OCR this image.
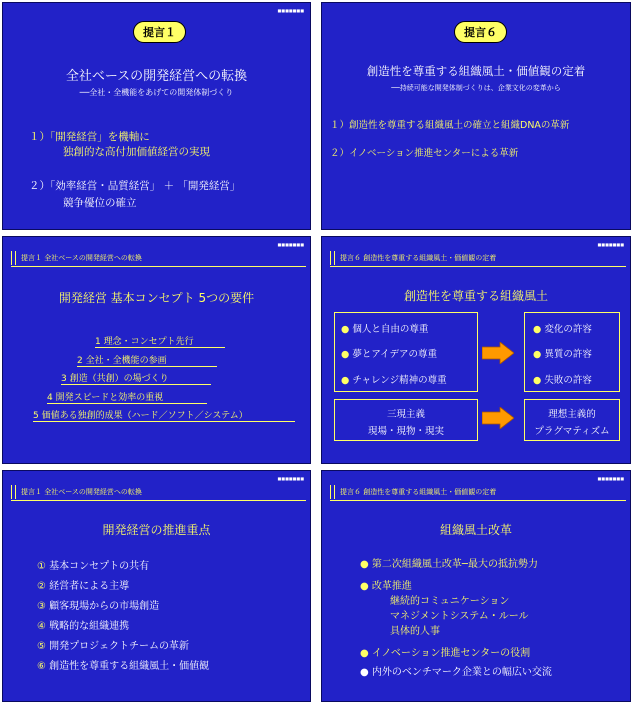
■■■■■■■
提言１
全社ベースの開発経営への転換
──全社・全機能をあげての開発体制づくり
１）「開発経営」を機軸に
独創的な高付加価値経営の実現
２）「効率経営・品質経営」 ＋ 「開発経営」
競争優位の確立
提言６
創造性を尊重する組織風土・価値観の定着
──持続可能な開発体制づくりは、企業文化の変革から
１）創造性を尊重する組織風土の確立と組織DNAの革新
２）イノベーション推進センターによる革新
■■■■■■■
提言１ 全社ベースの開発経営への転換
開発経営 基本コンセプト 5つの要件
1 理念・コンセプト先行
2 全社・全機能の参画
3 創造（共創）の場づくり
4 開発スピードと効率の重視
5 価値ある独創的成果（ハード／ソフト／システム）
■■■■■■■
提言６ 創造性を尊重する組織風土・価値観の定着
創造性を尊重する組織風土
● 個人と自由の尊重
● 夢とアイデアの尊重
● チャレンジ精神の尊重
● 変化の許容
● 異質の許容
● 失敗の許容
三現主義
現場・現物・現実
理想主義的
プラグマティズム
■■■■■■■
提言１ 全社ベースの開発経営への転換
開発経営の推進重点
① 基本コンセプトの共有
② 経営者による主導
③ 顧客現場からの市場創造
④ 戦略的な組織連携
⑤ 開発プロジェクトチームの革新
⑥ 創造性を尊重する組織風土・価値観
■■■■■■■
提言６ 創造性を尊重する組織風土・価値観の定着
組織風土改革
● 第二次組織風土改革─最大の抵抗勢力
● 改革推進
継続的コミュニケーション
マネジメントシステム・ルール
具体的人事
● イノベーション推進センターの役割
● 内外のベンチマーク企業との幅広い交流
